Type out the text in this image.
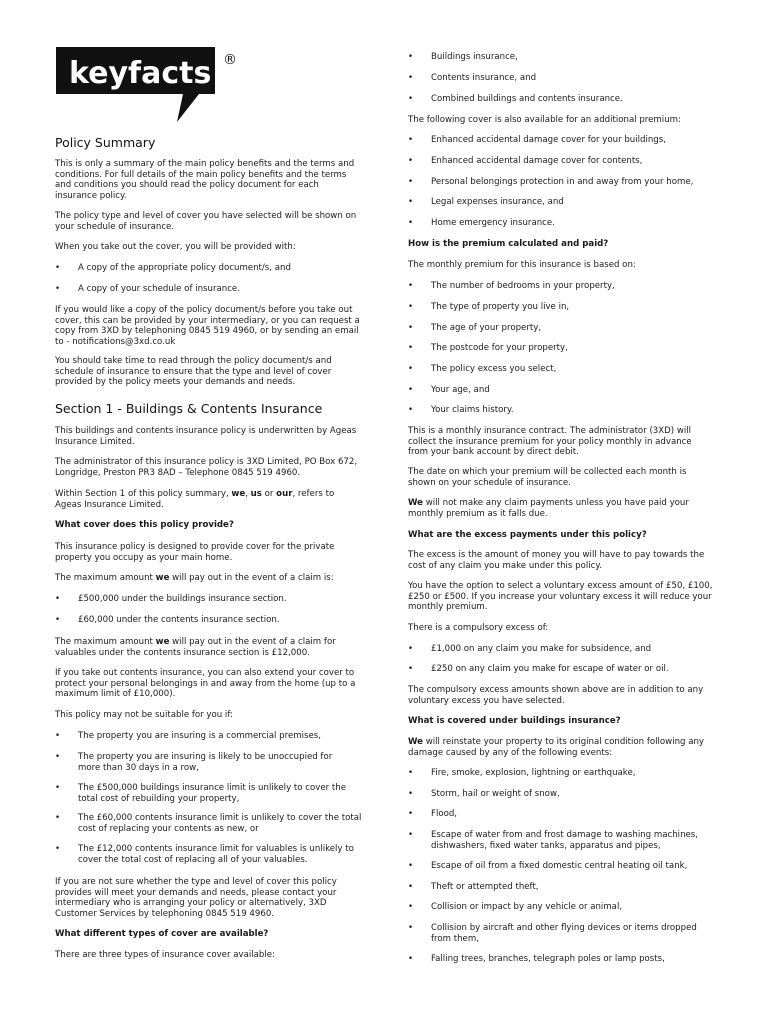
keyfacts ®
Policy Summary

This is only a summary of the main policy benefits and the terms and conditions. For full details of the main policy benefits and the terms and conditions you should read the policy document for each insurance policy.

The policy type and level of cover you have selected will be shown on your schedule of insurance.

When you take out the cover, you will be provided with:

• A copy of the appropriate policy document/s, and
• A copy of your schedule of insurance.

If you would like a copy of the policy document/s before you take out cover, this can be provided by your intermediary, or you can request a copy from 3XD by telephoning 0845 519 4960, or by sending an email to - notifications@3xd.co.uk

You should take time to read through the policy document/s and schedule of insurance to ensure that the type and level of cover provided by the policy meets your demands and needs.

Section 1 - Buildings & Contents Insurance

This buildings and contents insurance policy is underwritten by Ageas Insurance Limited.

The administrator of this insurance policy is 3XD Limited, PO Box 672, Longridge, Preston PR3 8AD – Telephone 0845 519 4960.

Within Section 1 of this policy summary, we, us or our, refers to Ageas Insurance Limited.

What cover does this policy provide?

This insurance policy is designed to provide cover for the private property you occupy as your main home.

The maximum amount we will pay out in the event of a claim is:

• £500,000 under the buildings insurance section.
• £60,000 under the contents insurance section.

The maximum amount we will pay out in the event of a claim for valuables under the contents insurance section is £12,000.

If you take out contents insurance, you can also extend your cover to protect your personal belongings in and away from the home (up to a maximum limit of £10,000).

This policy may not be suitable for you if:

• The property you are insuring is a commercial premises,
• The property you are insuring is likely to be unoccupied for more than 30 days in a row,
• The £500,000 buildings insurance limit is unlikely to cover the total cost of rebuilding your property,
• The £60,000 contents insurance limit is unlikely to cover the total cost of replacing your contents as new, or
• The £12,000 contents insurance limit for valuables is unlikely to cover the total cost of replacing all of your valuables.

If you are not sure whether the type and level of cover this policy provides will meet your demands and needs, please contact your intermediary who is arranging your policy or alternatively, 3XD Customer Services by telephoning 0845 519 4960.

What different types of cover are available?

There are three types of insurance cover available:

• Buildings insurance,
• Contents insurance, and
• Combined buildings and contents insurance.

The following cover is also available for an additional premium:

• Enhanced accidental damage cover for your buildings,
• Enhanced accidental damage cover for contents,
• Personal belongings protection in and away from your home,
• Legal expenses insurance, and
• Home emergency insurance.

How is the premium calculated and paid?

The monthly premium for this insurance is based on:

• The number of bedrooms in your property,
• The type of property you live in,
• The age of your property,
• The postcode for your property,
• The policy excess you select,
• Your age, and
• Your claims history.

This is a monthly insurance contract. The administrator (3XD) will collect the insurance premium for your policy monthly in advance from your bank account by direct debit.

The date on which your premium will be collected each month is shown on your schedule of insurance.

We will not make any claim payments unless you have paid your monthly premium as it falls due.

What are the excess payments under this policy?

The excess is the amount of money you will have to pay towards the cost of any claim you make under this policy.

You have the option to select a voluntary excess amount of £50, £100, £250 or £500. If you increase your voluntary excess it will reduce your monthly premium.

There is a compulsory excess of:

• £1,000 on any claim you make for subsidence, and
• £250 on any claim you make for escape of water or oil.

The compulsory excess amounts shown above are in addition to any voluntary excess you have selected.

What is covered under buildings insurance?

We will reinstate your property to its original condition following any damage caused by any of the following events:

• Fire, smoke, explosion, lightning or earthquake,
• Storm, hail or weight of snow,
• Flood,
• Escape of water from and frost damage to washing machines, dishwashers, fixed water tanks, apparatus and pipes,
• Escape of oil from a fixed domestic central heating oil tank,
• Theft or attempted theft,
• Collision or impact by any vehicle or animal,
• Collision by aircraft and other flying devices or items dropped from them,
• Falling trees, branches, telegraph poles or lamp posts,
